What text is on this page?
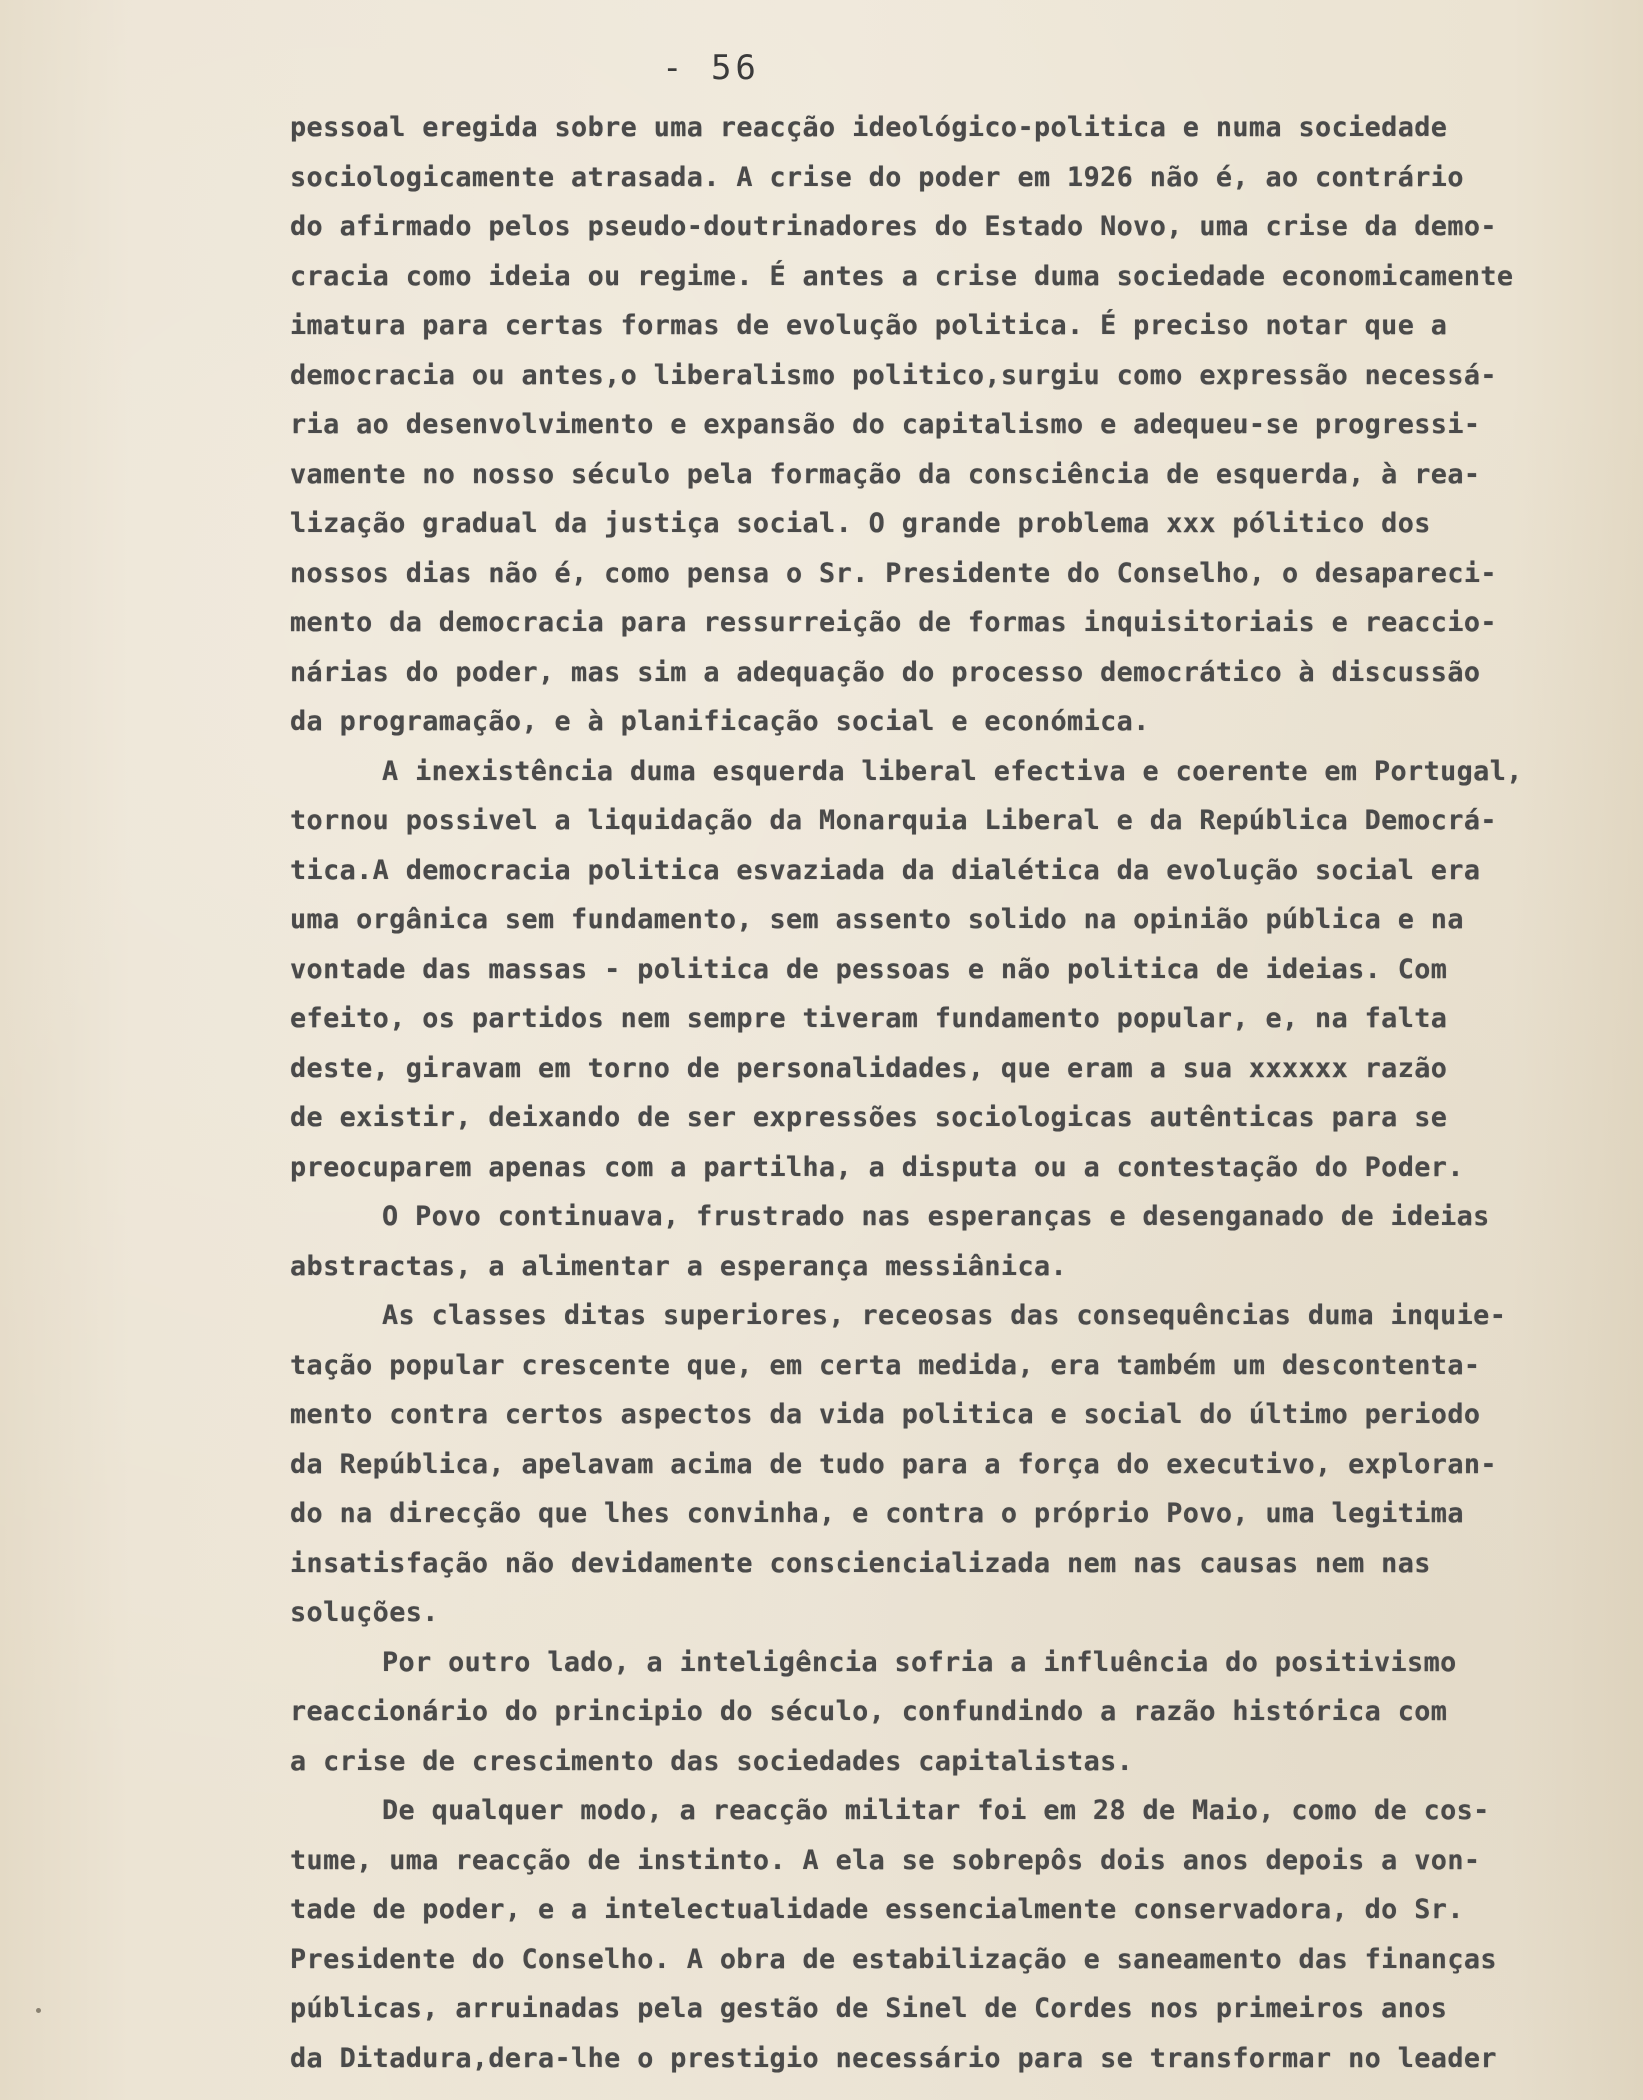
- 56
pessoal eregida sobre uma reacção ideológico-politica e numa sociedade
sociologicamente atrasada. A crise do poder em 1926 não é, ao contrário
do afirmado pelos pseudo-doutrinadores do Estado Novo, uma crise da demo-
cracia como ideia ou regime. É antes a crise duma sociedade economicamente
imatura para certas formas de evolução politica. É preciso notar que a
democracia ou antes,o liberalismo politico,surgiu como expressão necessá-
ria ao desenvolvimento e expansão do capitalismo e adequeu-se progressi-
vamente no nosso século pela formação da consciência de esquerda, à rea-
lização gradual da justiça social. O grande problema xxx pólitico dos
nossos dias não é, como pensa o Sr. Presidente do Conselho, o desapareci-
mento da democracia para ressurreição de formas inquisitoriais e reaccio-
nárias do poder, mas sim a adequação do processo democrático à discussão
da programação, e à planificação social e económica.
A inexistência duma esquerda liberal efectiva e coerente em Portugal,
tornou possivel a liquidação da Monarquia Liberal e da República Democrá-
tica.A democracia politica esvaziada da dialética da evolução social era
uma orgânica sem fundamento, sem assento solido na opinião pública e na
vontade das massas - politica de pessoas e não politica de ideias. Com
efeito, os partidos nem sempre tiveram fundamento popular, e, na falta
deste, giravam em torno de personalidades, que eram a sua xxxxxx razão
de existir, deixando de ser expressões sociologicas autênticas para se
preocuparem apenas com a partilha, a disputa ou a contestação do Poder.
O Povo continuava, frustrado nas esperanças e desenganado de ideias
abstractas, a alimentar a esperança messiânica.
As classes ditas superiores, receosas das consequências duma inquie-
tação popular crescente que, em certa medida, era também um descontenta-
mento contra certos aspectos da vida politica e social do último periodo
da República, apelavam acima de tudo para a força do executivo, exploran-
do na direcção que lhes convinha, e contra o próprio Povo, uma legitima
insatisfação não devidamente consciencializada nem nas causas nem nas
soluções.
Por outro lado, a inteligência sofria a influência do positivismo
reaccionário do principio do século, confundindo a razão histórica com
a crise de crescimento das sociedades capitalistas.
De qualquer modo, a reacção militar foi em 28 de Maio, como de cos-
tume, uma reacção de instinto. A ela se sobrepôs dois anos depois a von-
tade de poder, e a intelectualidade essencialmente conservadora, do Sr.
Presidente do Conselho. A obra de estabilização e saneamento das finanças
públicas, arruinadas pela gestão de Sinel de Cordes nos primeiros anos
da Ditadura,dera-lhe o prestigio necessário para se transformar no leader
